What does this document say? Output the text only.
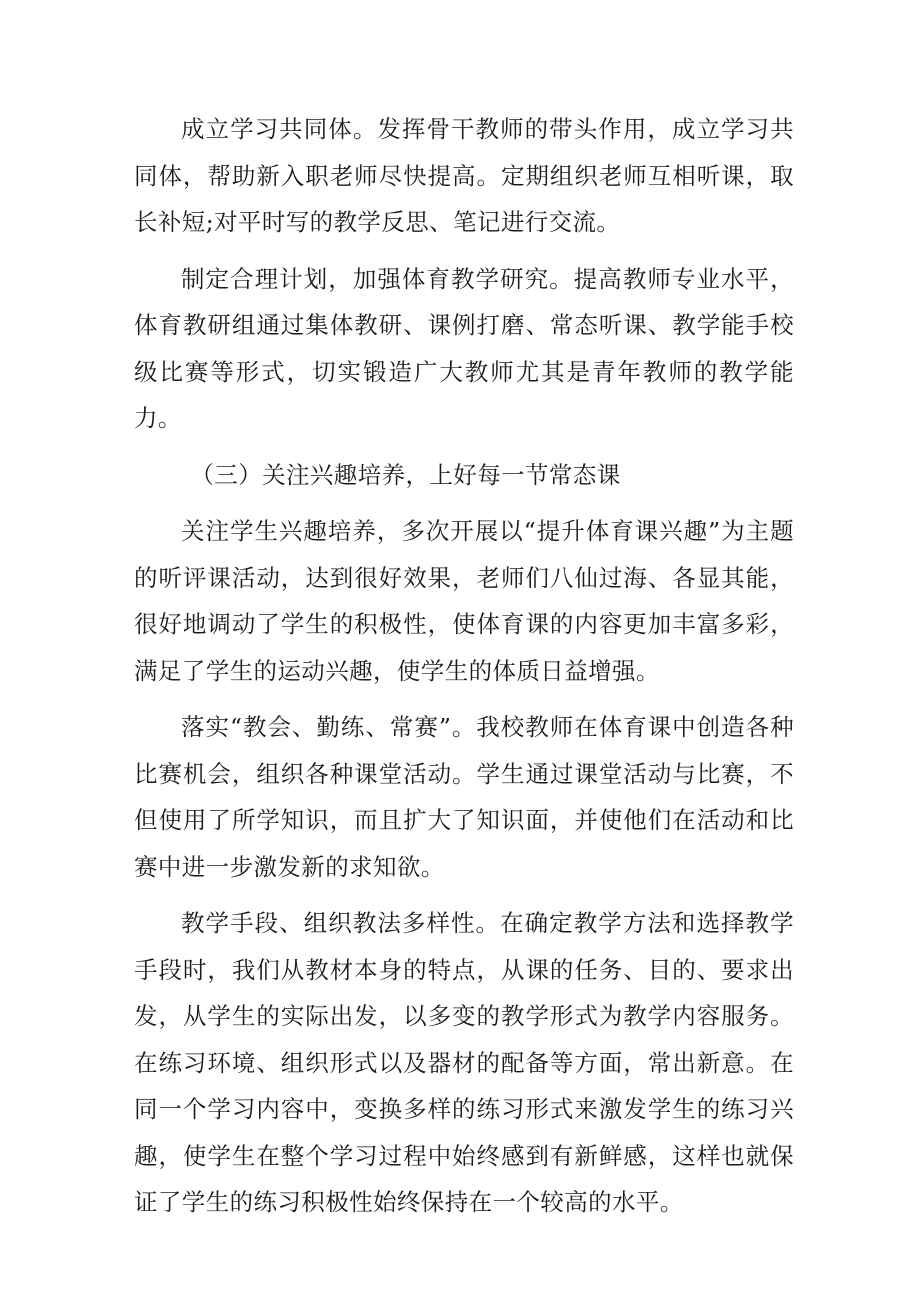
成立学习共同体。发挥骨干教师的带头作用，成立学习共同体，帮助新入职老师尽快提高。定期组织老师互相听课，取长补短;对平时写的教学反思、笔记进行交流。

制定合理计划，加强体育教学研究。提高教师专业水平，体育教研组通过集体教研、课例打磨、常态听课、教学能手校级比赛等形式，切实锻造广大教师尤其是青年教师的教学能力。

（三）关注兴趣培养，上好每一节常态课

关注学生兴趣培养，多次开展以“提升体育课兴趣”为主题的听评课活动，达到很好效果，老师们八仙过海、各显其能，很好地调动了学生的积极性，使体育课的内容更加丰富多彩，满足了学生的运动兴趣，使学生的体质日益增强。

落实“教会、勤练、常赛”。我校教师在体育课中创造各种比赛机会，组织各种课堂活动。学生通过课堂活动与比赛，不但使用了所学知识，而且扩大了知识面，并使他们在活动和比赛中进一步激发新的求知欲。

教学手段、组织教法多样性。在确定教学方法和选择教学手段时，我们从教材本身的特点，从课的任务、目的、要求出发，从学生的实际出发，以多变的教学形式为教学内容服务。在练习环境、组织形式以及器材的配备等方面，常出新意。在同一个学习内容中，变换多样的练习形式来激发学生的练习兴趣，使学生在整个学习过程中始终感到有新鲜感，这样也就保证了学生的练习积极性始终保持在一个较高的水平。
